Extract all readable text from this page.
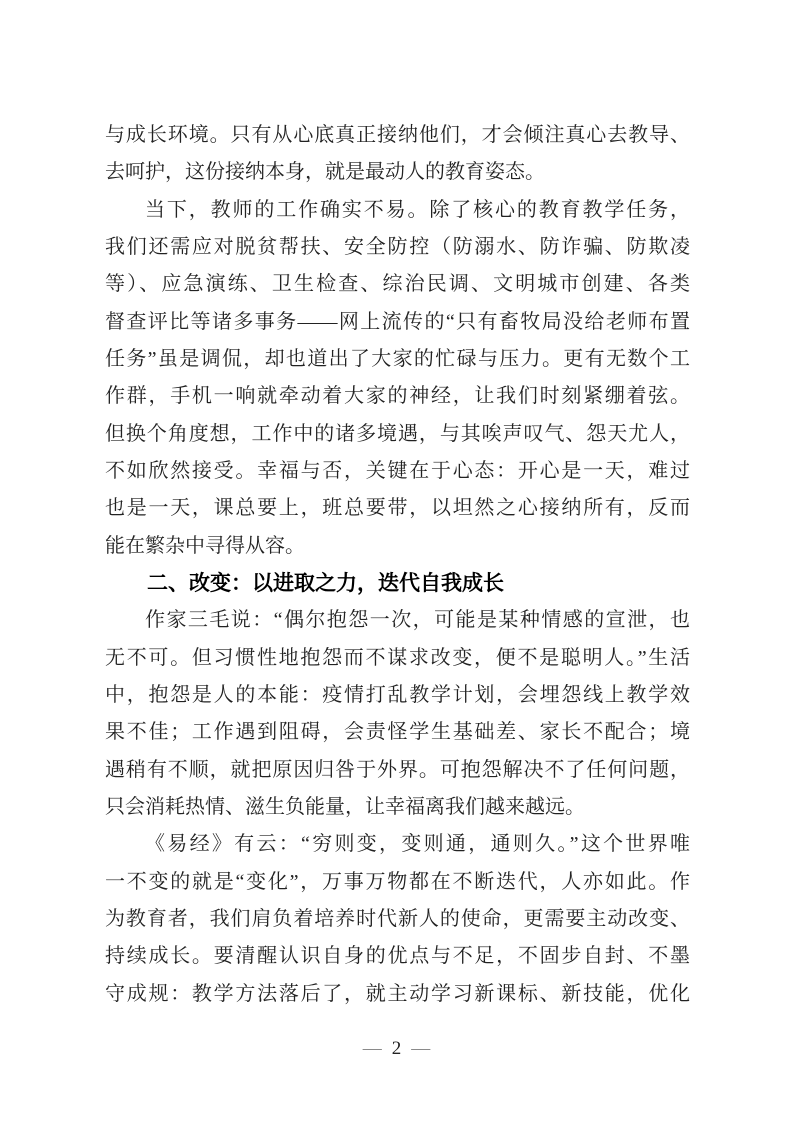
与成长环境。只有从心底真正接纳他们，才会倾注真心去教导、
去呵护，这份接纳本身，就是最动人的教育姿态。
当下，教师的工作确实不易。除了核心的教育教学任务，
我们还需应对脱贫帮扶、安全防控（防溺水、防诈骗、防欺凌
等）、应急演练、卫生检查、综治民调、文明城市创建、各类
督查评比等诸多事务——网上流传的“只有畜牧局没给老师布置
任务”虽是调侃，却也道出了大家的忙碌与压力。更有无数个工
作群，手机一响就牵动着大家的神经，让我们时刻紧绷着弦。
但换个角度想，工作中的诸多境遇，与其唉声叹气、怨天尤人，
不如欣然接受。幸福与否，关键在于心态：开心是一天，难过
也是一天，课总要上，班总要带，以坦然之心接纳所有，反而
能在繁杂中寻得从容。
二、改变：以进取之力，迭代自我成长
作家三毛说：“偶尔抱怨一次，可能是某种情感的宣泄，也
无不可。但习惯性地抱怨而不谋求改变，便不是聪明人。”生活
中，抱怨是人的本能：疫情打乱教学计划，会埋怨线上教学效
果不佳；工作遇到阻碍，会责怪学生基础差、家长不配合；境
遇稍有不顺，就把原因归咎于外界。可抱怨解决不了任何问题，
只会消耗热情、滋生负能量，让幸福离我们越来越远。
《易经》有云：“穷则变，变则通，通则久。”这个世界唯
一不变的就是“变化”，万事万物都在不断迭代，人亦如此。作
为教育者，我们肩负着培养时代新人的使命，更需要主动改变、
持续成长。要清醒认识自身的优点与不足，不固步自封、不墨
守成规：教学方法落后了，就主动学习新课标、新技能，优化
— 2 —
